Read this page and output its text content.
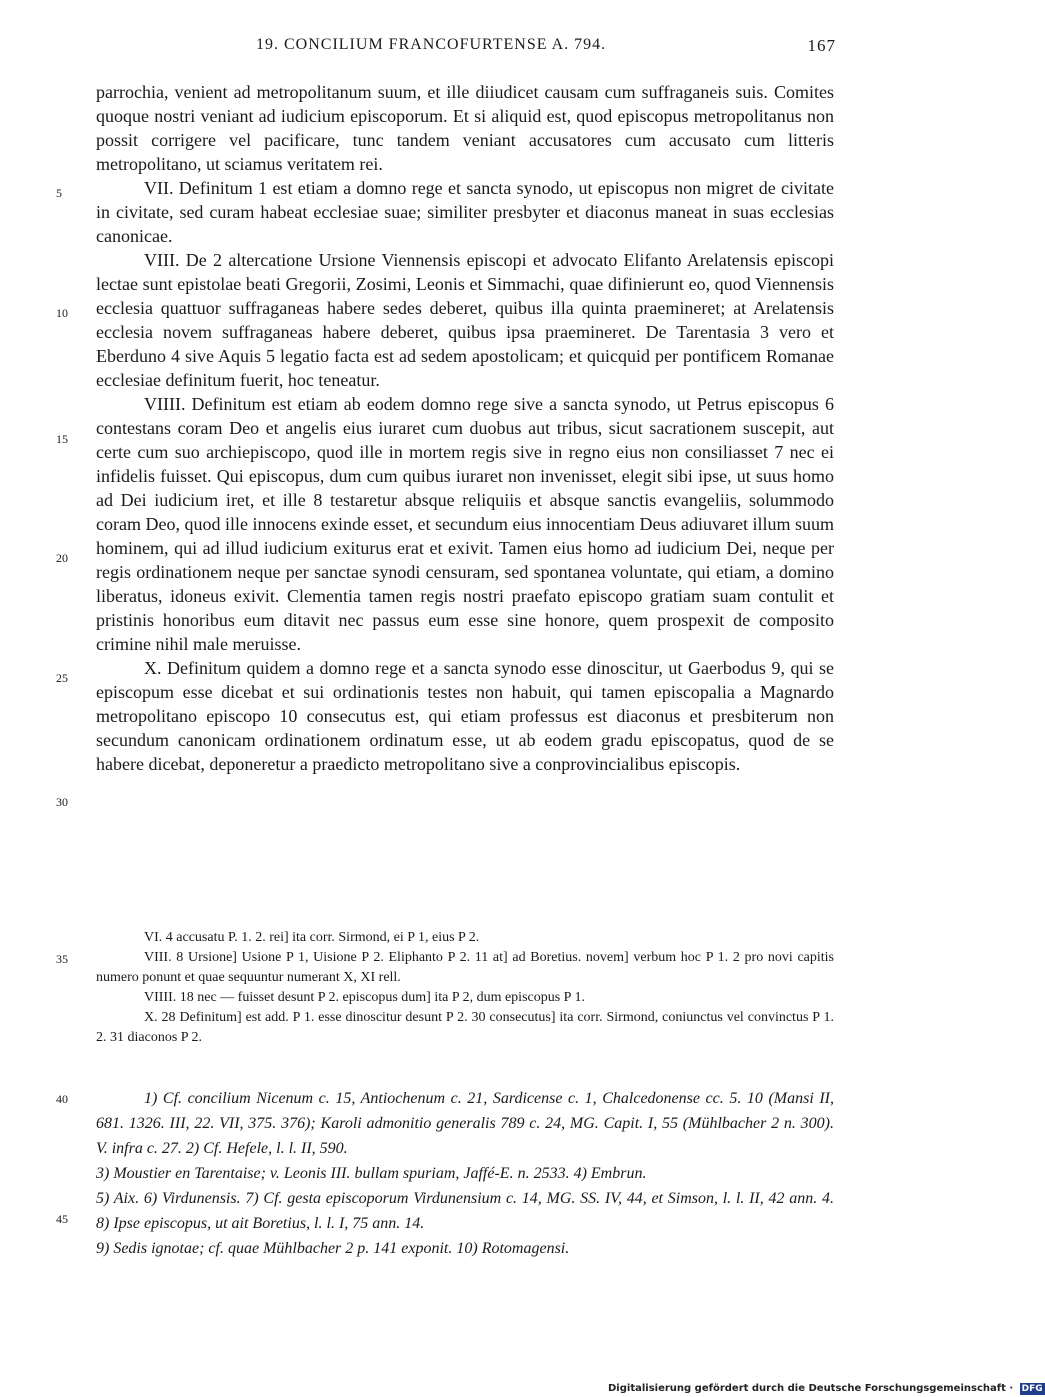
19. CONCILIUM FRANCOFURTENSE A. 794.	167

parrochia, venient ad metropolitanum suum, et ille diiudicet causam cum suffraganeis suis. Comites quoque nostri veniant ad iudicium episcoporum. Et si aliquid est, quod episcopus metropolitanus non possit corrigere vel pacificare, tunc tandem veniant accusatores cum accusato cum litteris metropolitano, ut sciamus veritatem rei.

VII. Definitum 1 est etiam a domno rege et sancta synodo, ut episcopus non migret de civitate in civitate, sed curam habeat ecclesiae suae; similiter presbyter et diaconus maneat in suas ecclesias canonicae.

VIII. De 2 altercatione Ursione Viennensis episcopi et advocato Elifanto Arelatensis episcopi lectae sunt epistolae beati Gregorii, Zosimi, Leonis et Simmachi, quae difinierunt eo, quod Viennensis ecclesia quattuor suffraganeas habere sedes deberet, quibus illa quinta praemineret; at Arelatensis ecclesia novem suffraganeas habere deberet, quibus ipsa praemineret. De Tarentasia 3 vero et Eberduno 4 sive Aquis 5 legatio facta est ad sedem apostolicam; et quicquid per pontificem Romanae ecclesiae definitum fuerit, hoc teneatur.

VIIII. Definitum est etiam ab eodem domno rege sive a sancta synodo, ut Petrus episcopus 6 contestans coram Deo et angelis eius iuraret cum duobus aut tribus, sicut sacrationem suscepit, aut certe cum suo archiepiscopo, quod ille in mortem regis sive in regno eius non consiliasset 7 nec ei infidelis fuisset. Qui episcopus, dum cum quibus iuraret non invenisset, elegit sibi ipse, ut suus homo ad Dei iudicium iret, et ille 8 testaretur absque reliquiis et absque sanctis evangeliis, solummodo coram Deo, quod ille innocens exinde esset, et secundum eius innocentiam Deus adiuvaret illum suum hominem, qui ad illud iudicium exiturus erat et exivit. Tamen eius homo ad iudicium Dei, neque per regis ordinationem neque per sanctae synodi censuram, sed spontanea voluntate, qui etiam, a domino liberatus, idoneus exivit. Clementia tamen regis nostri praefato episcopo gratiam suam contulit et pristinis honoribus eum ditavit nec passus eum esse sine honore, quem prospexit de composito crimine nihil male meruisse.

X. Definitum quidem a domno rege et a sancta synodo esse dinoscitur, ut Gaerbodus 9, qui se episcopum esse dicebat et sui ordinationis testes non habuit, qui tamen episcopalia a Magnardo metropolitano episcopo 10 consecutus est, qui etiam professus est diaconus et presbiterum non secundum canonicam ordinationem ordinatum esse, ut ab eodem gradu episcopatus, quod de se habere dicebat, deponeretur a praedicto metropolitano sive a conprovincialibus episcopis.

5
10
15
20
25
30
35
40
45

VI. 4 accusatu P. 1. 2. rei] ita corr. Sirmond, ei P 1, eius P 2.

VIII. 8 Ursione] Usione P 1, Uisione P 2. Eliphanto P 2. 11 at] ad Boretius. novem] verbum hoc P 1. 2 pro novi capitis numero ponunt et quae sequuntur numerant X, XI rell.

VIIII. 18 nec — fuisset desunt P 2. episcopus dum] ita P 2, dum episcopus P 1.

X. 28 Definitum] est add. P 1. esse dinoscitur desunt P 2. 30 consecutus] ita corr. Sirmond, coniunctus vel convinctus P 1. 2. 31 diaconos P 2.

1) Cf. concilium Nicenum c. 15, Antiochenum c. 21, Sardicense c. 1, Chalcedonense cc. 5. 10 (Mansi II, 681. 1326. III, 22. VII, 375. 376); Karoli admonitio generalis 789 c. 24, MG. Capit. I, 55 (Mühlbacher 2 n. 300). V. infra c. 27. 2) Cf. Hefele, l. l. II, 590.

3) Moustier en Tarentaise; v. Leonis III. bullam spuriam, Jaffé-E. n. 2533. 4) Embrun.

5) Aix. 6) Virdunensis. 7) Cf. gesta episcoporum Virdunensium c. 14, MG. SS. IV, 44, et Simson, l. l. II, 42 ann. 4. 8) Ipse episcopus, ut ait Boretius, l. l. I, 75 ann. 14.

9) Sedis ignotae; cf. quae Mühlbacher 2 p. 141 exponit. 10) Rotomagensi.

Digitalisierung gefördert durch die Deutsche Forschungsgemeinschaft · DFG
